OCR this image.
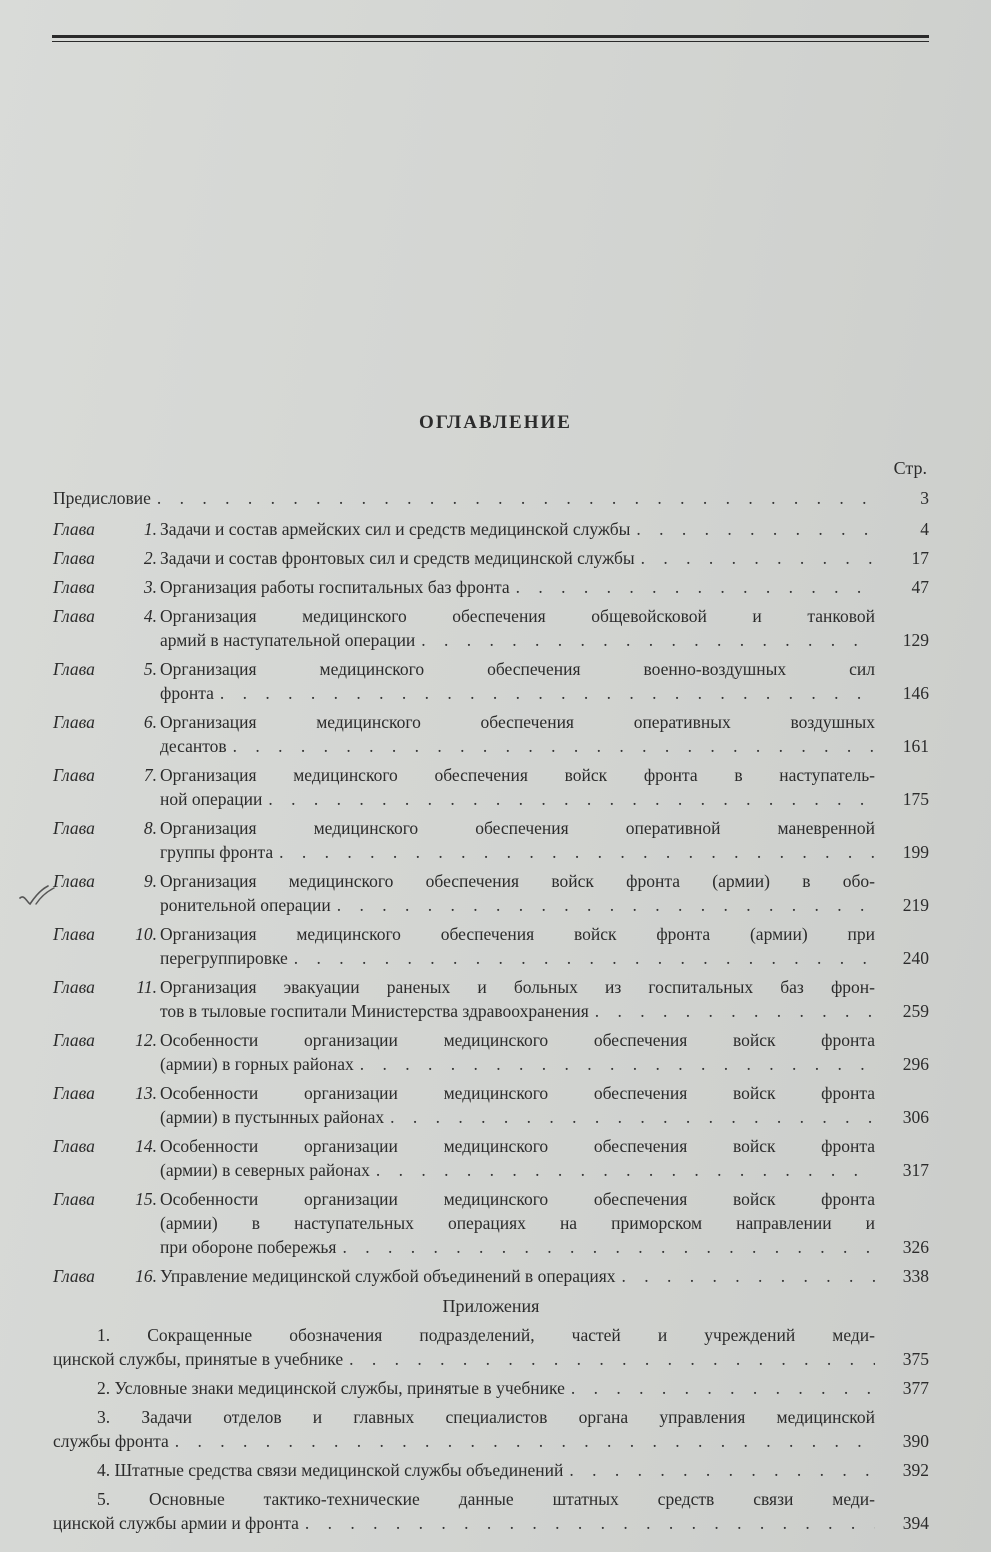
ОГЛАВЛЕНИЕ
Стр.
Предисловие . . .	3
Глава	1. Задачи и состав армейских сил и средств медицинской службы . . .	4
Глава	2. Задачи и состав фронтовых сил и средств медицинской службы . . .	17
Глава	3. Организация работы госпитальных баз фронта . . .	47
Глава	4. Организация медицинского обеспечения общевойсковой и танковой
армий в наступательной операции . . .	129
Глава	5. Организация медицинского обеспечения военно-воздушных сил
фронта . . .	146
Глава	6. Организация медицинского обеспечения оперативных воздушных
десантов . . .	161
Глава	7. Организация медицинского обеспечения войск фронта в наступатель-
ной операции . . .	175
Глава	8. Организация медицинского обеспечения оперативной маневренной
группы фронта . . .	199
Глава	9. Организация медицинского обеспечения войск фронта (армии) в обо-
ронительной операции . . .	219
Глава 10. Организация медицинского обеспечения войск фронта (армии) при
перегруппировке . . .	240
Глава 11. Организация эвакуации раненых и больных из госпитальных баз фрон-
тов в тыловые госпитали Министерства здравоохранения . . .	259
Глава 12. Особенности организации медицинского обеспечения войск фронта
(армии) в горных районах . . .	296
Глава 13. Особенности организации медицинского обеспечения войск фронта
(армии) в пустынных районах . . .	306
Глава 14. Особенности организации медицинского обеспечения войск фронта
(армии) в северных районах . . .	317
Глава 15. Особенности организации медицинского обеспечения войск фронта
(армии) в наступательных операциях на приморском направлении и
при обороне побережья . . .	326
Глава 16. Управление медицинской службой объединений в операциях . . .	338
Приложения
1. Сокращенные обозначения подразделений, частей и учреждений меди-
цинской службы, принятые в учебнике . . .	375
2. Условные знаки медицинской службы, принятые в учебнике . . .	377
3. Задачи отделов и главных специалистов органа управления медицинской
службы фронта . . .	390
4. Штатные средства связи медицинской службы объединений . . .	392
5. Основные тактико-технические данные штатных средств связи меди-
цинской службы армии и фронта . . .	394
